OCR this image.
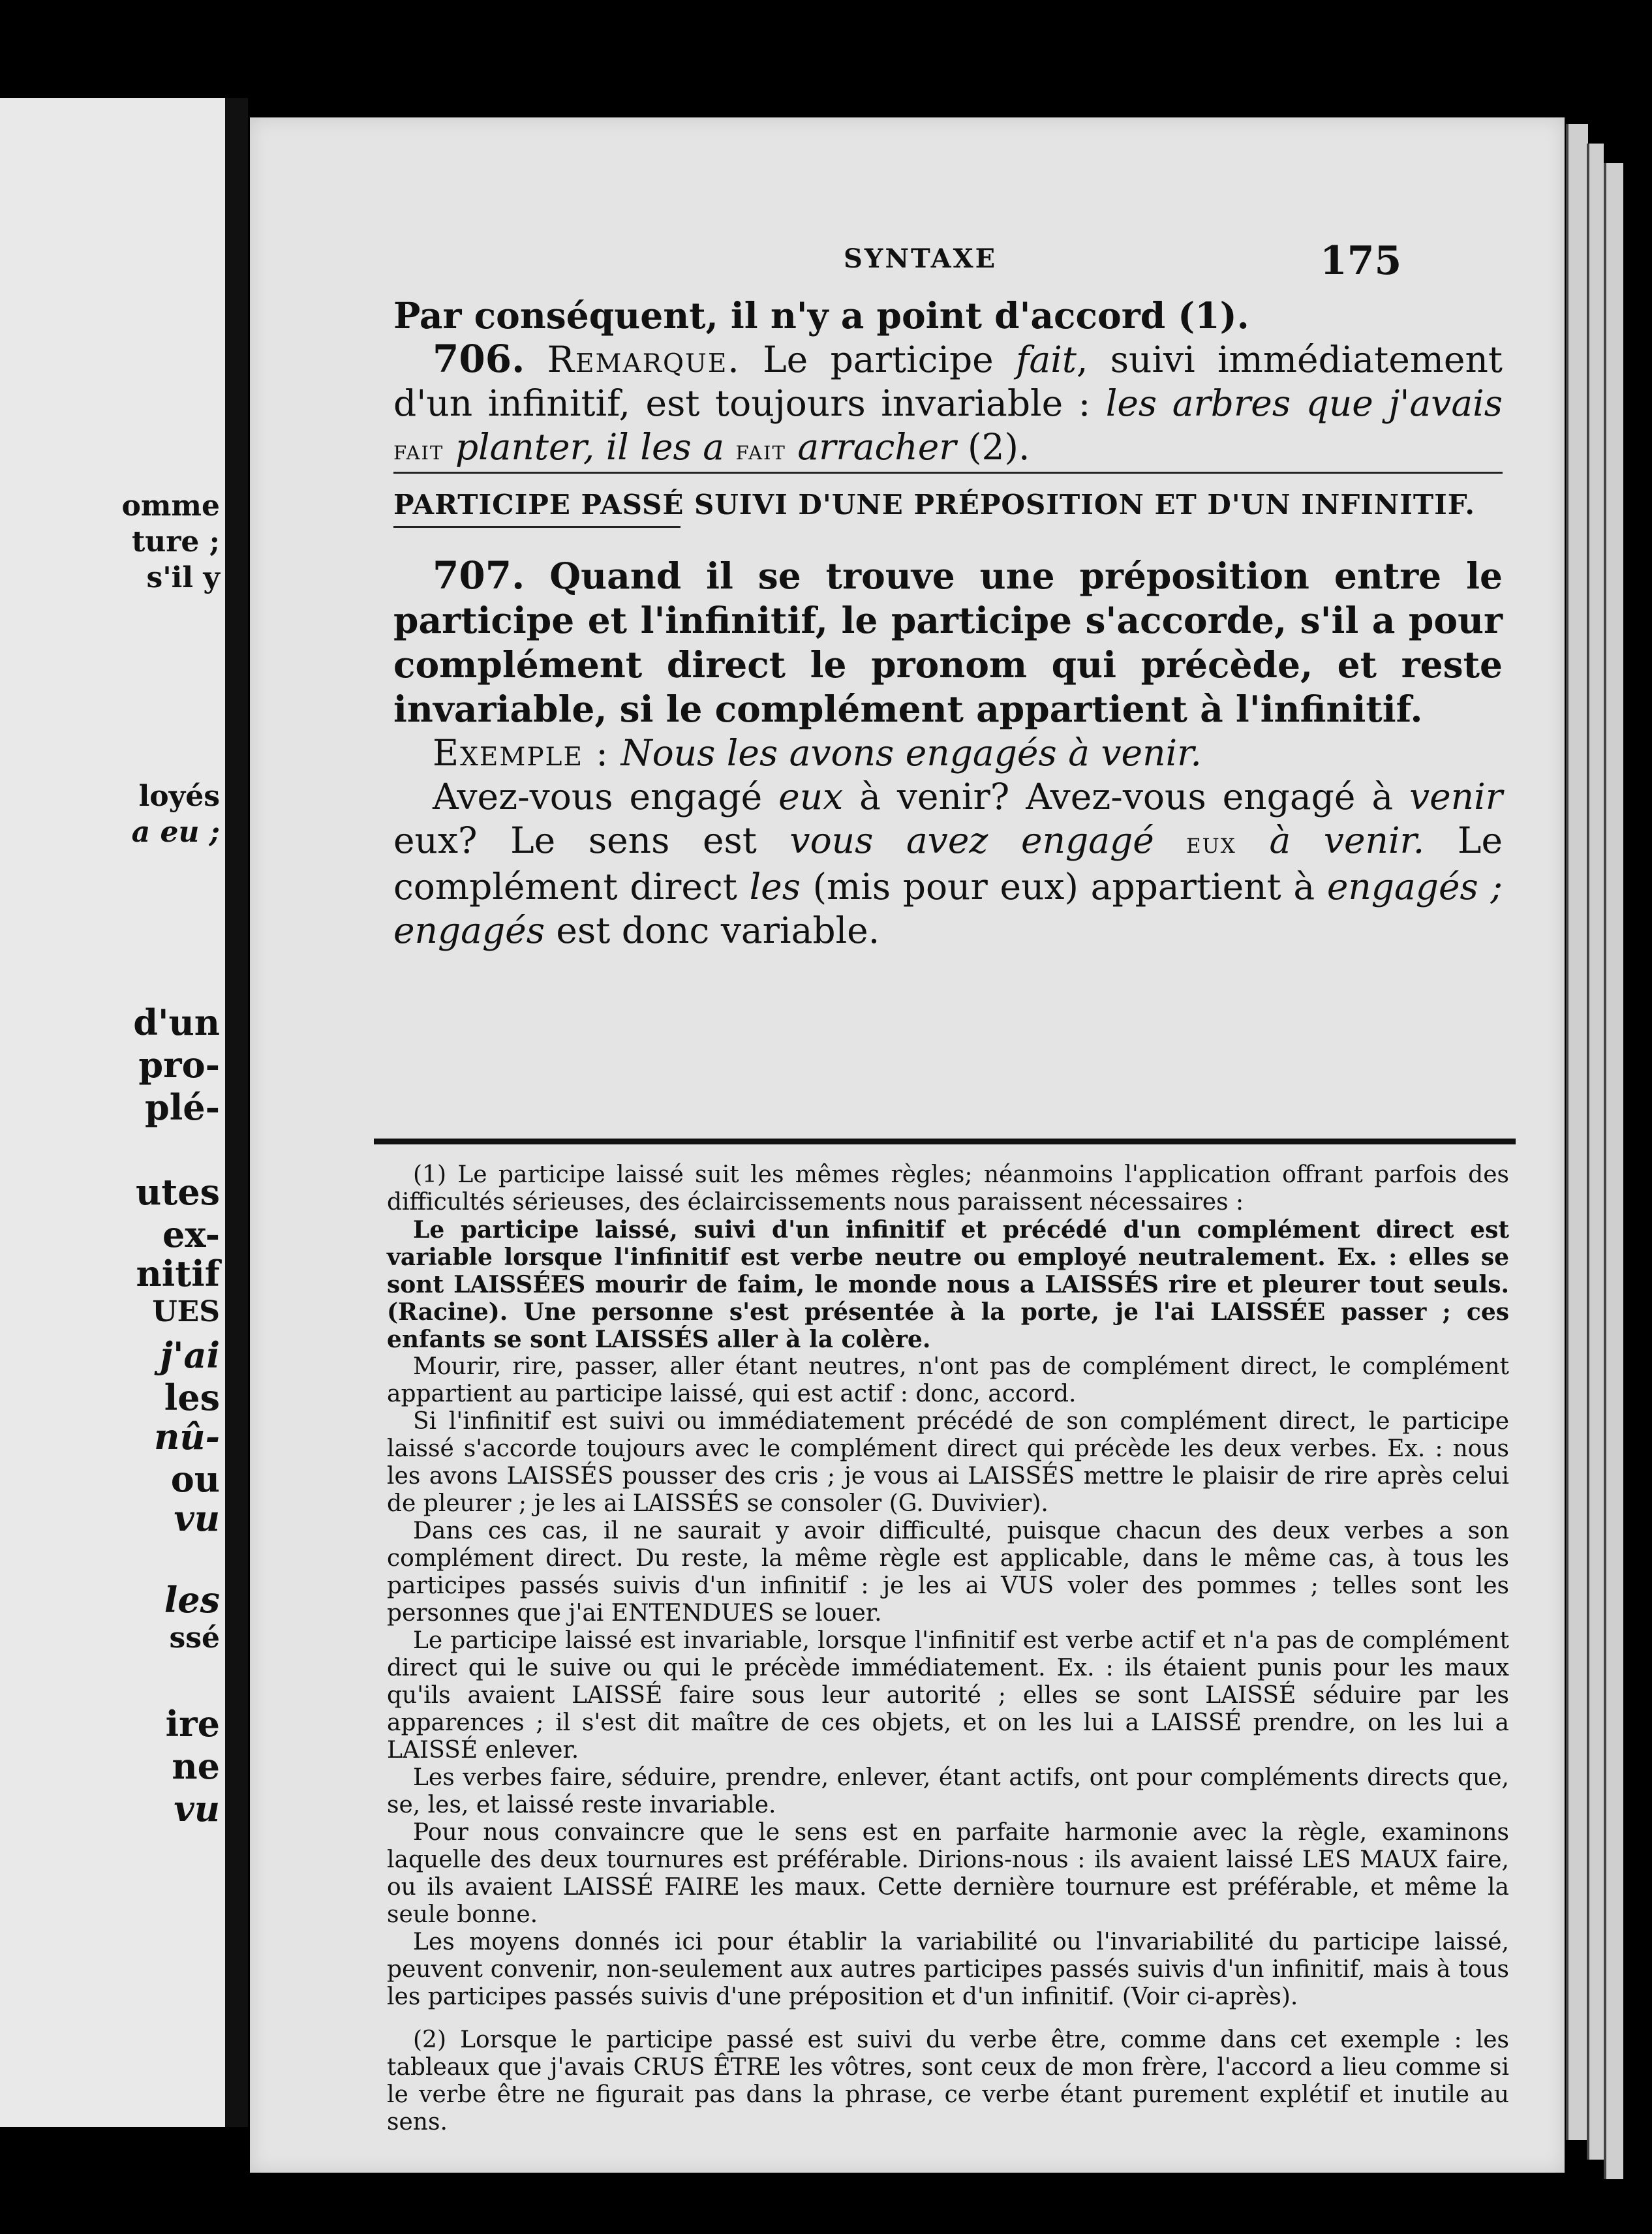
omme
ture ;
s'il y
loyés
a eu ;
d'un
pro-
plé-
utes
ex-
nitif
UES
j'ai
les
nû-
ou
vu
les
ssé
ire
ne
vu
SYNTAXE	175

Par conséquent, il n'y a point d'accord (1).

706. Remarque. Le participe fait, suivi immédiatement d'un infinitif, est toujours invariable : les arbres que j'avais fait planter, il les a fait arracher (2).

PARTICIPE PASSÉ SUIVI D'UNE PRÉPOSITION ET D'UN INFINITIF.

707. Quand il se trouve une préposition entre le participe et l'infinitif, le participe s'accorde, s'il a pour complément direct le pronom qui précède, et reste invariable, si le complément appartient à l'infinitif.

Exemple : Nous les avons engagés à venir.

Avez-vous engagé eux à venir? Avez-vous engagé à venir eux? Le sens est vous avez engagé eux à venir. Le complément direct les (mis pour eux) appartient à engagés ; engagés est donc variable.

(1) Le participe laissé suit les mêmes règles; néanmoins l'application offrant parfois des difficultés sérieuses, des éclaircissements nous paraissent nécessaires :

Le participe laissé, suivi d'un infinitif et précédé d'un complément direct est variable lorsque l'infinitif est verbe neutre ou employé neutralement. Ex. : elles se sont LAISSÉES mourir de faim, le monde nous a LAISSÉS rire et pleurer tout seuls. (Racine). Une personne s'est présentée à la porte, je l'ai LAISSÉE passer ; ces enfants se sont LAISSÉS aller à la colère.

Mourir, rire, passer, aller étant neutres, n'ont pas de complément direct, le complément appartient au participe laissé, qui est actif : donc, accord.

Si l'infinitif est suivi ou immédiatement précédé de son complément direct, le participe laissé s'accorde toujours avec le complément direct qui précède les deux verbes. Ex. : nous les avons LAISSÉS pousser des cris ; je vous ai LAISSÉS mettre le plaisir de rire après celui de pleurer ; je les ai LAISSÉS se consoler (G. Duvivier).

Dans ces cas, il ne saurait y avoir difficulté, puisque chacun des deux verbes a son complément direct. Du reste, la même règle est applicable, dans le même cas, à tous les participes passés suivis d'un infinitif : je les ai VUS voler des pommes ; telles sont les personnes que j'ai ENTENDUES se louer.

Le participe laissé est invariable, lorsque l'infinitif est verbe actif et n'a pas de complément direct qui le suive ou qui le précède immédiatement. Ex. : ils étaient punis pour les maux qu'ils avaient LAISSÉ faire sous leur autorité ; elles se sont LAISSÉ séduire par les apparences ; il s'est dit maître de ces objets, et on les lui a LAISSÉ prendre, on les lui a LAISSÉ enlever.

Les verbes faire, séduire, prendre, enlever, étant actifs, ont pour compléments directs que, se, les, et laissé reste invariable.

Pour nous convaincre que le sens est en parfaite harmonie avec la règle, examinons laquelle des deux tournures est préférable. Dirions-nous : ils avaient laissé LES MAUX faire, ou ils avaient LAISSÉ FAIRE les maux. Cette dernière tournure est préférable, et même la seule bonne.

Les moyens donnés ici pour établir la variabilité ou l'invariabilité du participe laissé, peuvent convenir, non-seulement aux autres participes passés suivis d'un infinitif, mais à tous les participes passés suivis d'une préposition et d'un infinitif. (Voir ci-après).

(2) Lorsque le participe passé est suivi du verbe être, comme dans cet exemple : les tableaux que j'avais CRUS ÊTRE les vôtres, sont ceux de mon frère, l'accord a lieu comme si le verbe être ne figurait pas dans la phrase, ce verbe étant purement explétif et inutile au sens.
